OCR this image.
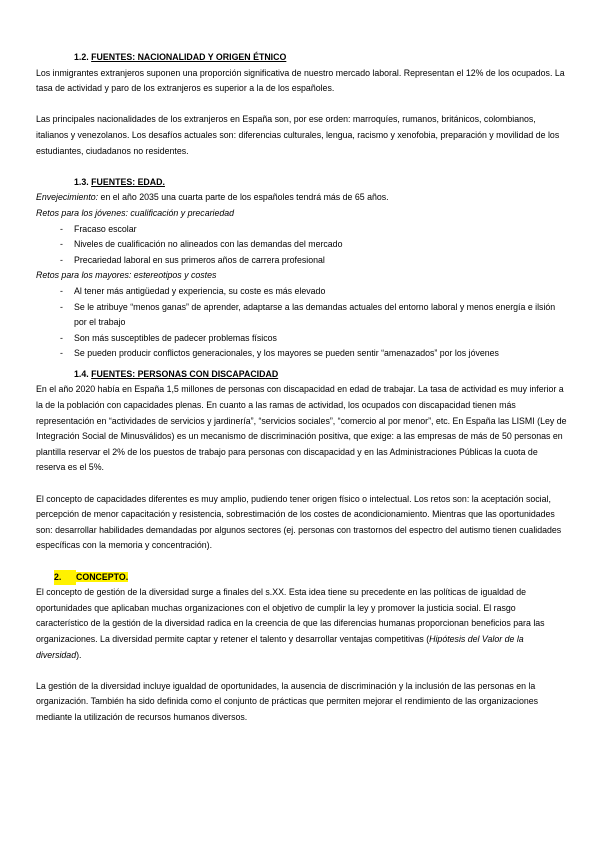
1.2. FUENTES: NACIONALIDAD Y ORIGEN ÉTNICO

Los inmigrantes extranjeros suponen una proporción significativa de nuestro mercado laboral. Representan el 12% de los ocupados. La tasa de actividad y paro de los extranjeros es superior a la de los españoles.

Las principales nacionalidades de los extranjeros en España son, por ese orden: marroquíes, rumanos, británicos, colombianos, italianos y venezolanos. Los desafíos actuales son: diferencias culturales, lengua, racismo y xenofobia, preparación y movilidad de los estudiantes, ciudadanos no residentes.

1.3. FUENTES: EDAD.

Envejecimiento: en el año 2035 una cuarta parte de los españoles tendrá más de 65 años.

Retos para los jóvenes: cualificación y precariedad

- Fracaso escolar
- Niveles de cualificación no alineados con las demandas del mercado
- Precariedad laboral en sus primeros años de carrera profesional

Retos para los mayores: estereotipos y costes

- Al tener más antigüedad y experiencia, su coste es más elevado
- Se le atribuye “menos ganas” de aprender, adaptarse a las demandas actuales del entorno laboral y menos energía e ilsión por el trabajo
- Son más susceptibles de padecer problemas físicos
- Se pueden producir conflictos generacionales, y los mayores se pueden sentir “amenazados” por los jóvenes
1.4. FUENTES: PERSONAS CON DISCAPACIDAD

En el año 2020 había en España 1,5 millones de personas con discapacidad en edad de trabajar. La tasa de actividad es muy inferior a la de la población con capacidades plenas. En cuanto a las ramas de actividad, los ocupados con discapacidad tienen más representación en “actividades de servicios y jardinería”, “servicios sociales”, “comercio al por menor”, etc. En España las LISMI (Ley de Integración Social de Minusválidos) es un mecanismo de discriminación positiva, que exige: a las empresas de más de 50 personas en plantilla reservar el 2% de los puestos de trabajo para personas con discapacidad y en las Administraciones Públicas la cuota de reserva es el 5%.

El concepto de capacidades diferentes es muy amplio, pudiendo tener origen físico o intelectual. Los retos son: la aceptación social, percepción de menor capacitación y resistencia, sobrestimación de los costes de acondicionamiento. Mientras que las oportunidades son: desarrollar habilidades demandadas por algunos sectores (ej. personas con trastornos del espectro del autismo tienen cualidades específicas con la memoria y concentración).

2. CONCEPTO.

El concepto de gestión de la diversidad surge a finales del s.XX. Esta idea tiene su precedente en las políticas de igualdad de oportunidades que aplicaban muchas organizaciones con el objetivo de cumplir la ley y promover la justicia social. El rasgo característico de la gestión de la diversidad radica en la creencia de que las diferencias humanas proporcionan beneficios para las organizaciones. La diversidad permite captar y retener el talento y desarrollar ventajas competitivas (Hipótesis del Valor de la diversidad).

La gestión de la diversidad incluye igualdad de oportunidades, la ausencia de discriminación y la inclusión de las personas en la organización. También ha sido definida como el conjunto de prácticas que permiten mejorar el rendimiento de las organizaciones mediante la utilización de recursos humanos diversos.
